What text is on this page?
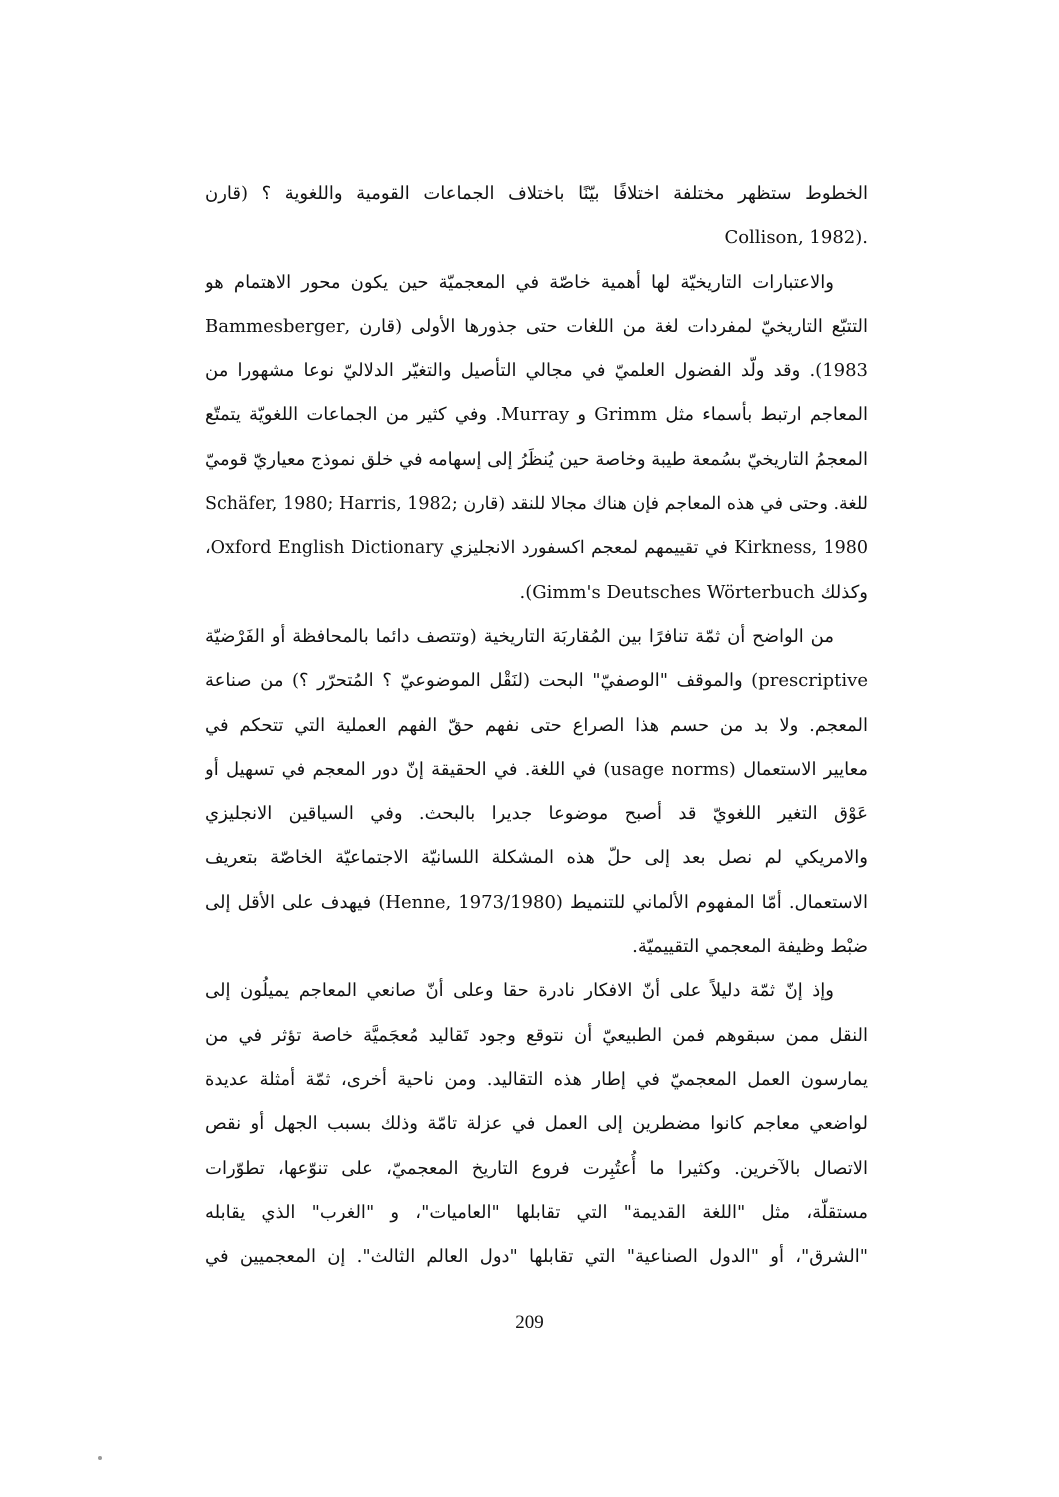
الخطوط ستظهر مختلفة اختلافًا بيّنًا باختلاف الجماعات القومية واللغوية ؟ (قارن
.(Collison, 1982
والاعتبارات التاريخيّة لها أهمية خاصّة في المعجميّة حين يكون محور الاهتمام هو
التتبّع التاريخيّ لمفردات لغة من اللغات حتى جذورها الأولى (قارن ,Bammesberger
1983). وقد ولّد الفضول العلميّ في مجالي التأصيل والتغيّر الدلاليّ نوعا مشهورا من
المعاجم ارتبط بأسماء مثل Grimm و Murray. وفي كثير من الجماعات اللغويّة يتمتّع
المعجمُ التاريخيّ بسُمعة طيبة وخاصة حين يُنظَرُ إلى إسهامه في خلق نموذج معياريّ قوميّ
للغة. وحتى في هذه المعاجم فإن هناك مجالا للنقد (قارن ;Schäfer, 1980; Harris, 1982
Kirkness, 1980 في تقييمهم لمعجم اكسفورد الانجليزي Oxford English Dictionary،
وكذلك Gimm's Deutsches Wörterbuch).
من الواضح أن ثمّة تنافرًا بين المُقاربَة التاريخية (وتتصف دائما بالمحافظة أو الفَرْضيّة
prescriptive) والموقف "الوصفيّ" البحت (لنَقْل الموضوعيّ ؟ المُتحرّر ؟) من صناعة
المعجم. ولا بد من حسم هذا الصراع حتى نفهم حقّ الفهم العملية التي تتحكم في
معايير الاستعمال (usage norms) في اللغة. في الحقيقة إنّ دور المعجم في تسهيل أو
عَوْق التغير اللغويّ قد أصبح موضوعا جديرا بالبحث. وفي السياقين الانجليزي
والامريكي لم نصل بعد إلى حلّ هذه المشكلة اللسانيّة الاجتماعيّة الخاصّة بتعريف
الاستعمال. أمّا المفهوم الألماني للتنميط (Henne, 1973/1980) فيهدف على الأقل إلى
ضبْط وظيفة المعجمي التقييميّة.
وإذ إنّ ثمّة دليلاً على أنّ الافكار نادرة حقا وعلى أنّ صانعي المعاجم يميلُون إلى
النقل ممن سبقوهم فمن الطبيعيّ أن نتوقع وجود تَقاليد مُعجَميَّة خاصة تؤثر في من
يمارسون العمل المعجميّ في إطار هذه التقاليد. ومن ناحية أخرى، ثمّة أمثلة عديدة
لواضعي معاجم كانوا مضطرين إلى العمل في عزلة تامّة وذلك بسبب الجهل أو نقص
الاتصال بالآخرين. وكثيرا ما أُعتُبِرت فروع التاريخ المعجميّ، على تنوّعها، تطوّرات
مستقلّة، مثل "اللغة القديمة" التي تقابلها "العاميات"، و "الغرب" الذي يقابله
"الشرق"، أو "الدول الصناعية" التي تقابلها "دول العالم الثالث". إن المعجميين في
209
